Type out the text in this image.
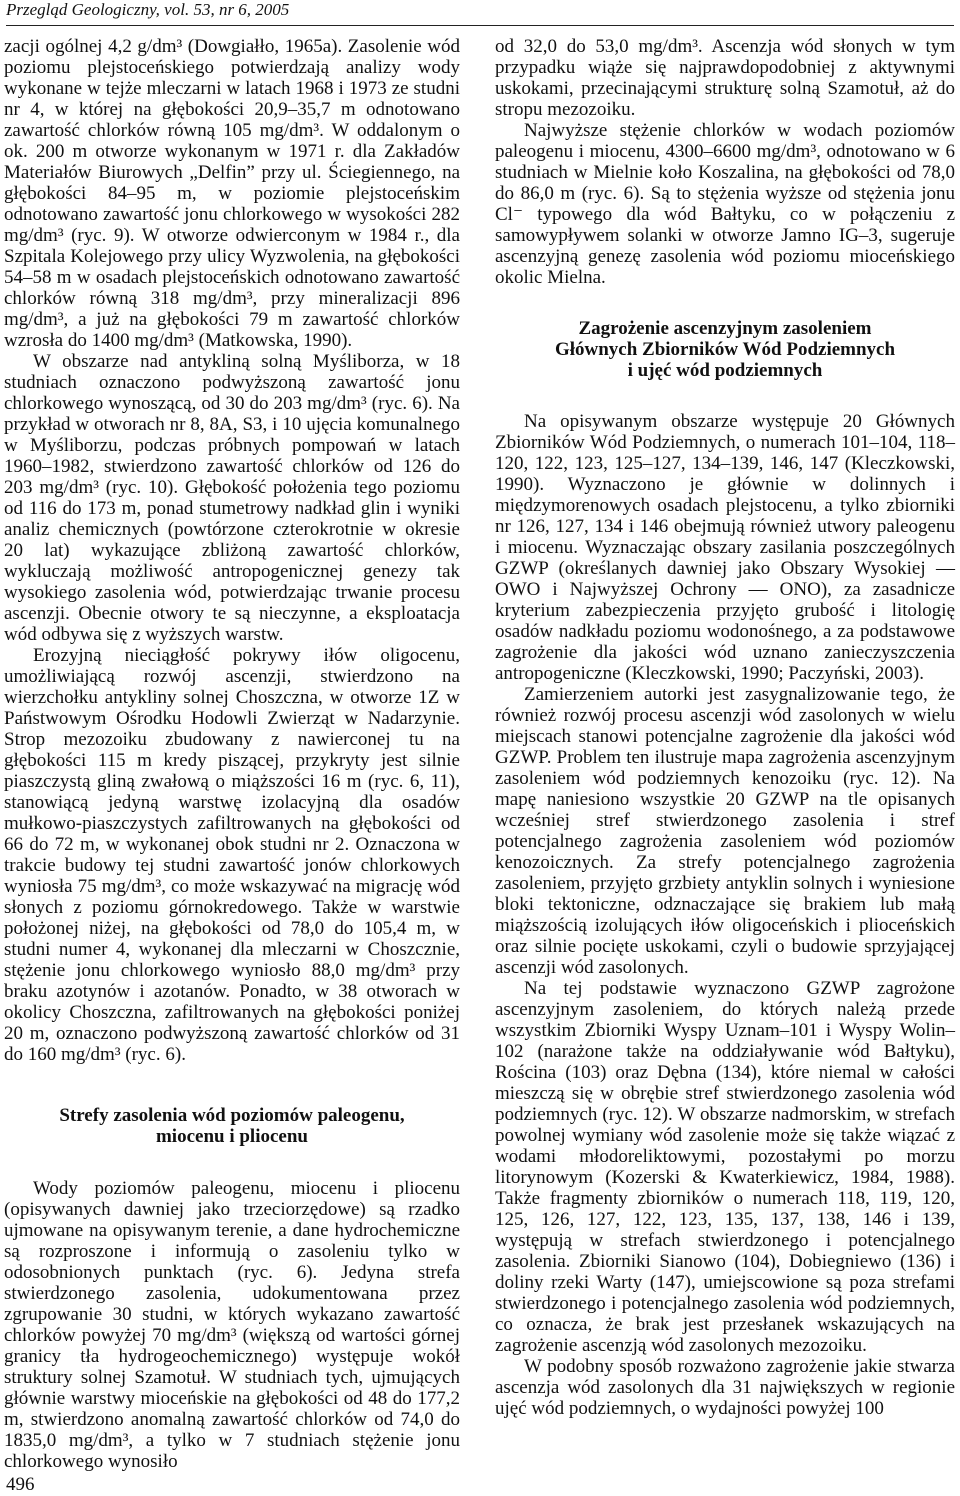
Przegląd Geologiczny, vol. 53, nr 6, 2005

zacji ogólnej 4,2 g/dm³ (Dowgiałło, 1965a). Zasolenie wód poziomu plejstoceńskiego potwierdzają analizy wody wykonane w tejże mleczarni w latach 1968 i 1973 ze studni nr 4, w której na głębokości 20,9–35,7 m odnotowano zawartość chlorków równą 105 mg/dm³. W oddalonym o ok. 200 m otworze wykonanym w 1971 r. dla Zakładów Materiałów Biurowych „Delfin” przy ul. Ściegiennego, na głębokości 84–95 m, w poziomie plejstoceńskim odnotowano zawartość jonu chlorkowego w wysokości 282 mg/dm³ (ryc. 9). W otworze odwierconym w 1984 r., dla Szpitala Kolejowego przy ulicy Wyzwolenia, na głębokości 54–58 m w osadach plejstoceńskich odnotowano zawartość chlorków równą 318 mg/dm³, przy mineralizacji 896 mg/dm³, a już na głębokości 79 m zawartość chlorków wzrosła do 1400 mg/dm³ (Matkowska, 1990).

W obszarze nad antykliną solną Myśliborza, w 18 studniach oznaczono podwyższoną zawartość jonu chlorkowego wynoszącą, od 30 do 203 mg/dm³ (ryc. 6). Na przykład w otworach nr 8, 8A, S3, i 10 ujęcia komunalnego w Myśliborzu, podczas próbnych pompowań w latach 1960–1982, stwierdzono zawartość chlorków od 126 do 203 mg/dm³ (ryc. 10). Głębokość położenia tego poziomu od 116 do 173 m, ponad stumetrowy nadkład glin i wyniki analiz chemicznych (powtórzone czterokrotnie w okresie 20 lat) wykazujące zbliżoną zawartość chlorków, wykluczają możliwość antropogenicznej genezy tak wysokiego zasolenia wód, potwierdzając trwanie procesu ascenzji. Obecnie otwory te są nieczynne, a eksploatacja wód odbywa się z wyższych warstw.

Erozyjną nieciągłość pokrywy iłów oligocenu, umożliwiającą rozwój ascenzji, stwierdzono na wierzchołku antykliny solnej Choszczna, w otworze 1Z w Państwowym Ośrodku Hodowli Zwierząt w Nadarzynie. Strop mezozoiku zbudowany z nawierconej tu na głębokości 115 m kredy piszącej, przykryty jest silnie piaszczystą gliną zwałową o miąższości 16 m (ryc. 6, 11), stanowiącą jedyną warstwę izolacyjną dla osadów mułkowo-piaszczystych zafiltrowanych na głębokości od 66 do 72 m, w wykonanej obok studni nr 2. Oznaczona w trakcie budowy tej studni zawartość jonów chlorkowych wyniosła 75 mg/dm³, co może wskazywać na migrację wód słonych z poziomu górnokredowego. Także w warstwie położonej niżej, na głębokości od 78,0 do 105,4 m, w studni numer 4, wykonanej dla mleczarni w Choszcznie, stężenie jonu chlorkowego wyniosło 88,0 mg/dm³ przy braku azotynów i azotanów. Ponadto, w 38 otworach w okolicy Choszczna, zafiltrowanych na głębokości poniżej 20 m, oznaczono podwyższoną zawartość chlorków od 31 do 160 mg/dm³ (ryc. 6).

Strefy zasolenia wód poziomów paleogenu,
miocenu i pliocenu

Wody poziomów paleogenu, miocenu i pliocenu (opisywanych dawniej jako trzeciorzędowe) są rzadko ujmowane na opisywanym terenie, a dane hydrochemiczne są rozproszone i informują o zasoleniu tylko w odosobnionych punktach (ryc. 6). Jedyna strefa stwierdzonego zasolenia, udokumentowana przez zgrupowanie 30 studni, w których wykazano zawartość chlorków powyżej 70 mg/dm³ (większą od wartości górnej granicy tła hydrogeochemicznego) występuje wokół struktury solnej Szamotuł. W studniach tych, ujmujących głównie warstwy mioceńskie na głębokości od 48 do 177,2 m, stwierdzono anomalną zawartość chlorków od 74,0 do 1835,0 mg/dm³, a tylko w 7 studniach stężenie jonu chlorkowego wynosiło

od 32,0 do 53,0 mg/dm³. Ascenzja wód słonych w tym przypadku wiąże się najprawdopodobniej z aktywnymi uskokami, przecinającymi strukturę solną Szamotuł, aż do stropu mezozoiku.

Najwyższe stężenie chlorków w wodach poziomów paleogenu i miocenu, 4300–6600 mg/dm³, odnotowano w 6 studniach w Mielnie koło Koszalina, na głębokości od 78,0 do 86,0 m (ryc. 6). Są to stężenia wyższe od stężenia jonu Cl⁻ typowego dla wód Bałtyku, co w połączeniu z samowypływem solanki w otworze Jamno IG–3, sugeruje ascenzyjną genezę zasolenia wód poziomu mioceńskiego okolic Mielna.

Zagrożenie ascenzyjnym zasoleniem
Głównych Zbiorników Wód Podziemnych
i ujęć wód podziemnych

Na opisywanym obszarze występuje 20 Głównych Zbiorników Wód Podziemnych, o numerach 101–104, 118–120, 122, 123, 125–127, 134–139, 146, 147 (Kleczkowski, 1990). Wyznaczono je głównie w dolinnych i międzymorenowych osadach plejstocenu, a tylko zbiorniki nr 126, 127, 134 i 146 obejmują również utwory paleogenu i miocenu. Wyznaczając obszary zasilania poszczególnych GZWP (określanych dawniej jako Obszary Wysokiej — OWO i Najwyższej Ochrony — ONO), za zasadnicze kryterium zabezpieczenia przyjęto grubość i litologię osadów nadkładu poziomu wodonośnego, a za podstawowe zagrożenie dla jakości wód uznano zanieczyszczenia antropogeniczne (Kleczkowski, 1990; Paczyński, 2003).

Zamierzeniem autorki jest zasygnalizowanie tego, że również rozwój procesu ascenzji wód zasolonych w wielu miejscach stanowi potencjalne zagrożenie dla jakości wód GZWP. Problem ten ilustruje mapa zagrożenia ascenzyjnym zasoleniem wód podziemnych kenozoiku (ryc. 12). Na mapę naniesiono wszystkie 20 GZWP na tle opisanych wcześniej stref stwierdzonego zasolenia i stref potencjalnego zagrożenia zasoleniem wód poziomów kenozoicznych. Za strefy potencjalnego zagrożenia zasoleniem, przyjęto grzbiety antyklin solnych i wyniesione bloki tektoniczne, odznaczające się brakiem lub małą miąższością izolujących iłów oligoceńskich i plioceńskich oraz silnie pocięte uskokami, czyli o budowie sprzyjającej ascenzji wód zasolonych.

Na tej podstawie wyznaczono GZWP zagrożone ascenzyjnym zasoleniem, do których należą przede wszystkim Zbiorniki Wyspy Uznam–101 i Wyspy Wolin–102 (narażone także na oddziaływanie wód Bałtyku), Rościna (103) oraz Dębna (134), które niemal w całości mieszczą się w obrębie stref stwierdzonego zasolenia wód podziemnych (ryc. 12). W obszarze nadmorskim, w strefach powolnej wymiany wód zasolenie może się także wiązać z wodami młodoreliktowymi, pozostałymi po morzu litorynowym (Kozerski & Kwaterkiewicz, 1984, 1988). Także fragmenty zbiorników o numerach 118, 119, 120, 125, 126, 127, 122, 123, 135, 137, 138, 146 i 139, występują w strefach stwierdzonego i potencjalnego zasolenia. Zbiorniki Sianowo (104), Dobiegniewo (136) i doliny rzeki Warty (147), umiejscowione są poza strefami stwierdzonego i potencjalnego zasolenia wód podziemnych, co oznacza, że brak jest przesłanek wskazujących na zagrożenie ascenzją wód zasolonych mezozoiku.

W podobny sposób rozważono zagrożenie jakie stwarza ascenzja wód zasolonych dla 31 największych w regionie ujęć wód podziemnych, o wydajności powyżej 100

496
